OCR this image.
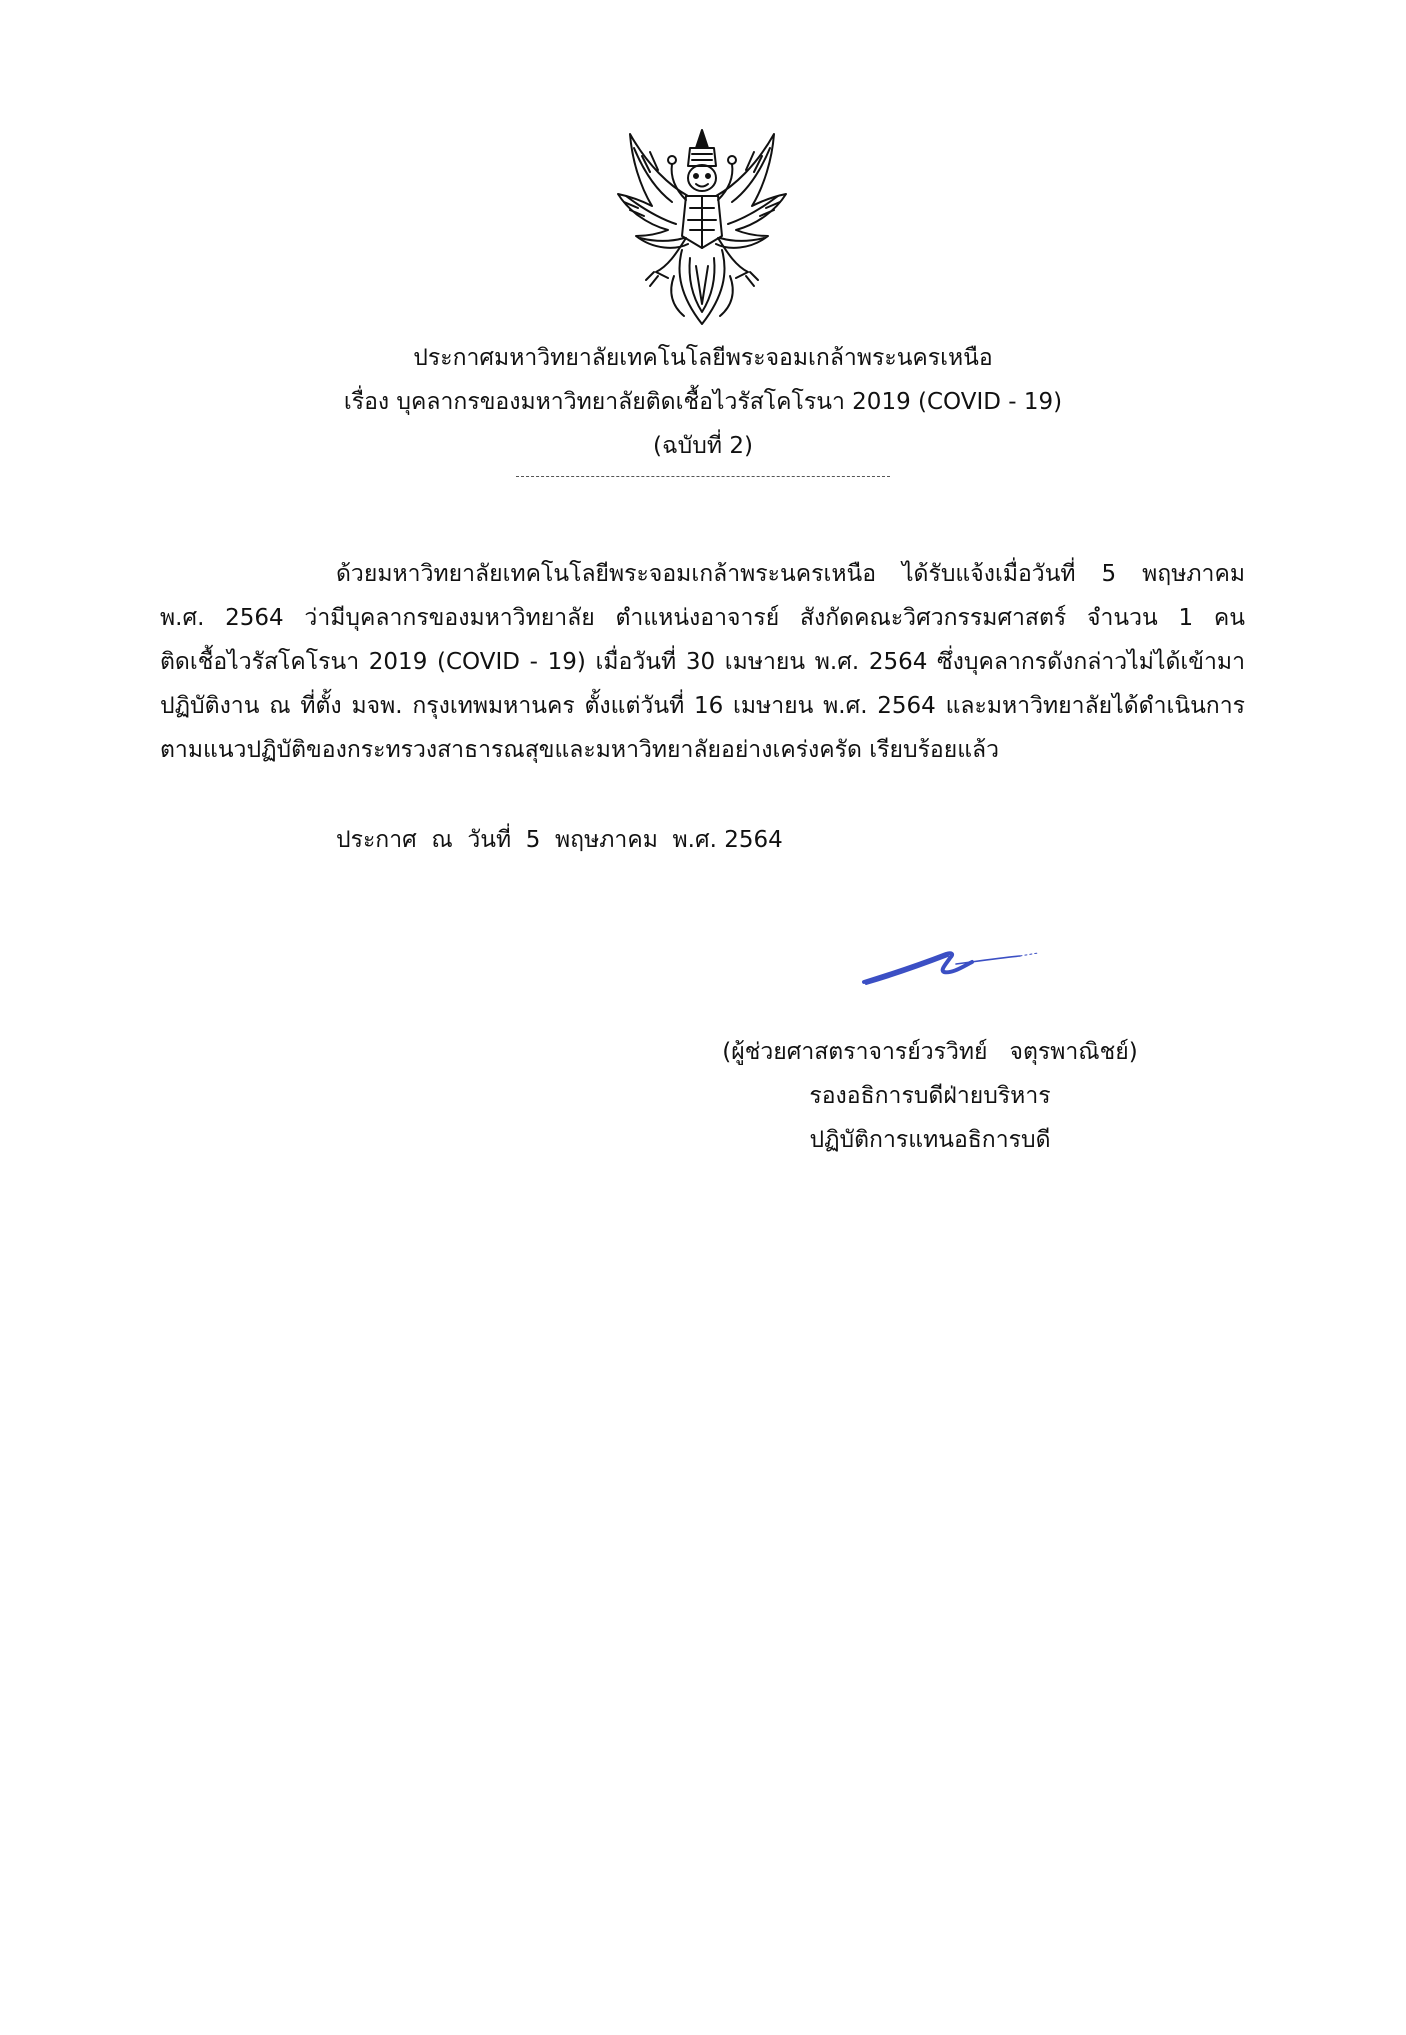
ประกาศมหาวิทยาลัยเทคโนโลยีพระจอมเกล้าพระนครเหนือ
เรื่อง บุคลากรของมหาวิทยาลัยติดเชื้อไวรัสโคโรนา 2019 (COVID - 19)
(ฉบับที่ 2)
ด้วยมหาวิทยาลัยเทคโนโลยีพระจอมเกล้าพระนครเหนือ ได้รับแจ้งเมื่อวันที่ 5 พฤษภาคม
พ.ศ. 2564 ว่ามีบุคลากรของมหาวิทยาลัย ตำแหน่งอาจารย์ สังกัดคณะวิศวกรรมศาสตร์ จำนวน 1 คน
ติดเชื้อไวรัสโคโรนา 2019 (COVID - 19) เมื่อวันที่ 30 เมษายน พ.ศ. 2564 ซึ่งบุคลากรดังกล่าวไม่ได้เข้ามา
ปฏิบัติงาน ณ ที่ตั้ง มจพ. กรุงเทพมหานคร ตั้งแต่วันที่ 16 เมษายน พ.ศ. 2564 และมหาวิทยาลัยได้ดำเนินการ
ตามแนวปฏิบัติของกระทรวงสาธารณสุขและมหาวิทยาลัยอย่างเคร่งครัด เรียบร้อยแล้ว
ประกาศ  ณ  วันที่  5  พฤษภาคม  พ.ศ. 2564
(ผู้ช่วยศาสตราจารย์วรวิทย์   จตุรพาณิชย์)
รองอธิการบดีฝ่ายบริหาร
ปฏิบัติการแทนอธิการบดี
